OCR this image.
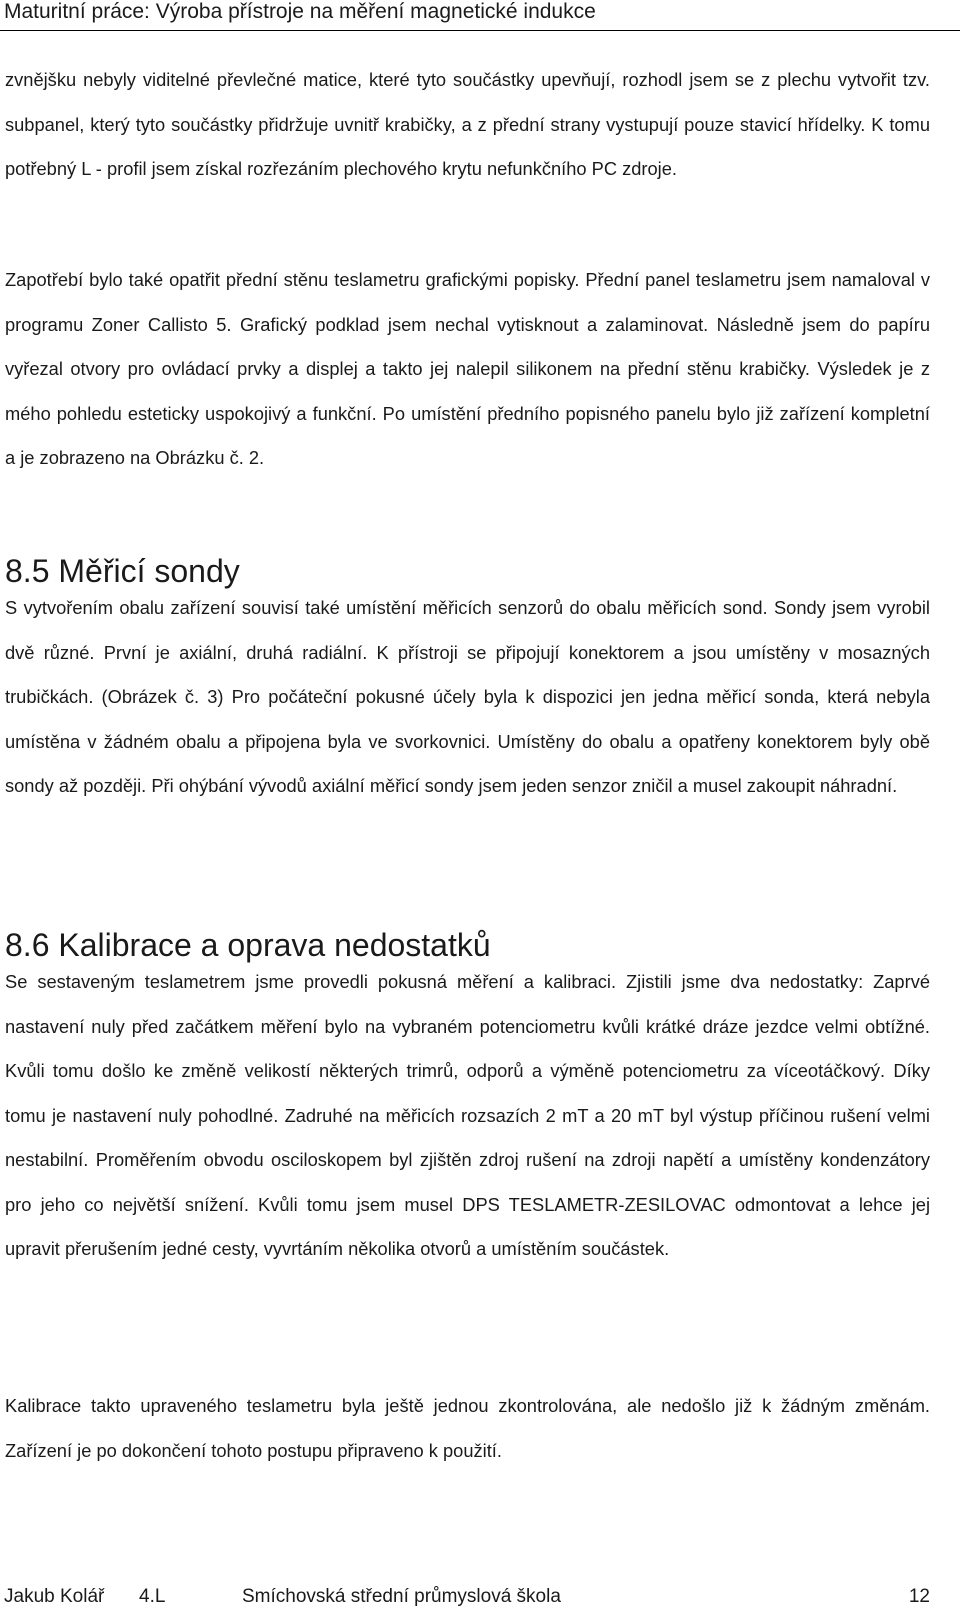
Maturitní práce: Výroba přístroje na měření magnetické indukce

zvnějšku nebyly viditelné převlečné matice, které tyto součástky upevňují, rozhodl jsem se z plechu vytvořit tzv. subpanel, který tyto součástky přidržuje uvnitř krabičky, a z přední strany vystupují pouze stavicí hřídelky. K tomu potřebný L - profil jsem získal rozřezáním plechového krytu nefunkčního PC zdroje.

Zapotřebí bylo také opatřit přední stěnu teslametru grafickými popisky. Přední panel teslametru jsem namaloval v programu Zoner Callisto 5. Grafický podklad jsem nechal vytisknout a zalaminovat. Následně jsem do papíru vyřezal otvory pro ovládací prvky a displej a takto jej nalepil silikonem na přední stěnu krabičky. Výsledek je z mého pohledu esteticky uspokojivý a funkční. Po umístění předního popisného panelu bylo již zařízení kompletní a je zobrazeno na Obrázku č. 2.

8.5 Měřicí sondy

S vytvořením obalu zařízení souvisí také umístění měřicích senzorů do obalu měřicích sond. Sondy jsem vyrobil dvě různé. První je axiální, druhá radiální. K přístroji se připojují konektorem a jsou umístěny v mosazných trubičkách. (Obrázek č. 3) Pro počáteční pokusné účely byla k dispozici jen jedna měřicí sonda, která nebyla umístěna v žádném obalu a připojena byla ve svorkovnici. Umístěny do obalu a opatřeny konektorem byly obě sondy až později. Při ohýbání vývodů axiální měřicí sondy jsem jeden senzor zničil a musel zakoupit náhradní.

8.6 Kalibrace a oprava nedostatků

Se sestaveným teslametrem jsme provedli pokusná měření a kalibraci. Zjistili jsme dva nedostatky: Zaprvé nastavení nuly před začátkem měření bylo na vybraném potenciometru kvůli krátké dráze jezdce velmi obtížné. Kvůli tomu došlo ke změně velikostí některých trimrů, odporů a výměně potenciometru za víceotáčkový. Díky tomu je nastavení nuly pohodlné. Zadruhé na měřicích rozsazích 2 mT a 20 mT byl výstup příčinou rušení velmi nestabilní. Proměřením obvodu osciloskopem byl zjištěn zdroj rušení na zdroji napětí a umístěny kondenzátory pro jeho co největší snížení. Kvůli tomu jsem musel DPS TESLAMETR-ZESILOVAC odmontovat a lehce jej upravit přerušením jedné cesty, vyvrtáním několika otvorů a umístěním součástek.

Kalibrace takto upraveného teslametru byla ještě jednou zkontrolována, ale nedošlo již k žádným změnám. Zařízení je po dokončení tohoto postupu připraveno k použití.

Jakub Kolář 4.L	Smíchovská střední průmyslová škola	12
